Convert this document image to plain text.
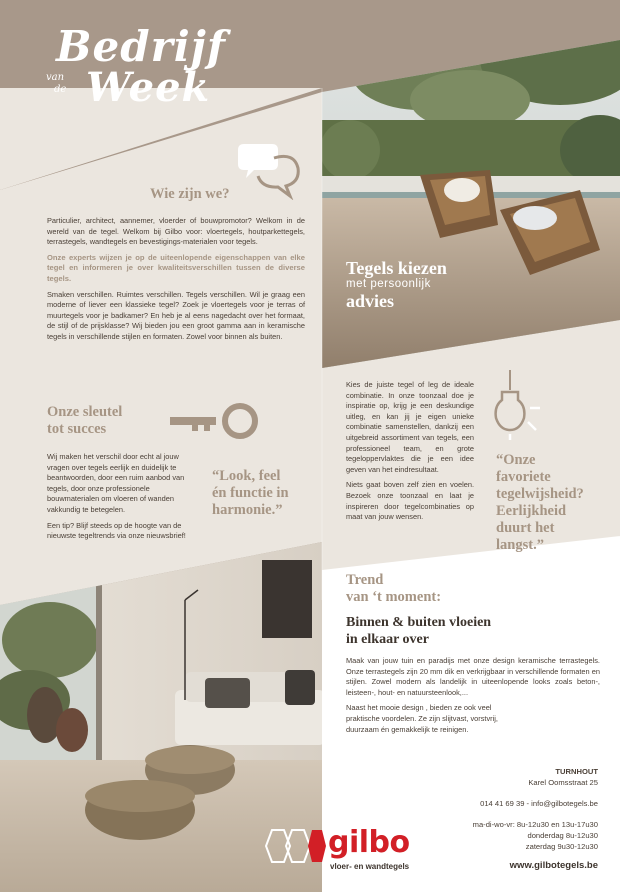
Bedrijf
van
de Week
Wie zijn we?

Particulier, architect, aannemer, vloerder of bouwpromotor? Welkom in de wereld van de tegel. Welkom bij Gilbo voor: vloertegels, houtparkettegels, terrastegels, wandtegels en bevestigings-materialen voor tegels.

Onze experts wijzen je op de uiteenlopende eigenschappen van elke tegel en informeren je over kwaliteitsverschillen tussen de diverse tegels.

Smaken verschillen. Ruimtes verschillen. Tegels verschillen. Wil je graag een moderne of liever een klassieke tegel? Zoek je vloertegels voor je terras of muurtegels voor je badkamer? En heb je al eens nagedacht over het formaat, de stijl of de prijsklasse? Wij bieden jou een groot gamma aan in keramische tegels in verschillende stijlen en formaten. Zowel voor binnen als buiten.

Tegels kiezen
met persoonlijk
advies
Onze sleutel
tot succes

Wij maken het verschil door echt al jouw vragen over tegels eerlijk en duidelijk te beantwoorden, door een ruim aanbod van tegels, door onze professionele bouwmaterialen om vloeren of wanden vakkundig te betegelen.

Een tip? Blijf steeds op de hoogte van de nieuwste tegeltrends via onze nieuwsbrief!

“Look, feel
én functie in
harmonie.”

Kies de juiste tegel of leg de ideale combinatie. In onze toonzaal doe je inspiratie op, krijg je een deskundige uitleg, en kan jij je eigen unieke combinatie samenstellen, dankzij een uitgebreid assortiment van tegels, een professioneel team, en grote tegeloppervlaktes die je een idee geven van het eindresultaat.

Niets gaat boven zelf zien en voelen. Bezoek onze toonzaal en laat je inspireren door tegelcombinaties op maat van jouw wensen.

“Onze
favoriete
tegelwijsheid?
Eerlijkheid
duurt het
langst.”
Trend
van ‘t moment:
Binnen & buiten vloeien
in elkaar over

Maak van jouw tuin en paradijs met onze design keramische terrastegels. Onze terrastegels zijn 20 mm dik en verkrijgbaar in verschillende formaten en stijlen. Zowel modern als landelijk in uiteenlopende looks zoals beton-, leisteen-, hout- en natuursteenlook,...

Naast het mooie design , bieden ze ook veel praktische voordelen. Ze zijn slijtvast, vorstvrij, duurzaam én gemakkelijk te reinigen.

TURNHOUT
Karel Oomsstraat 25
014 41 69 39 - info@gilbotegels.be
ma-di-wo-vr: 8u-12u30 en 13u-17u30
donderdag 8u-12u30
zaterdag 9u30-12u30
www.gilbotegels.be
gilbo
vloer- en wandtegels
